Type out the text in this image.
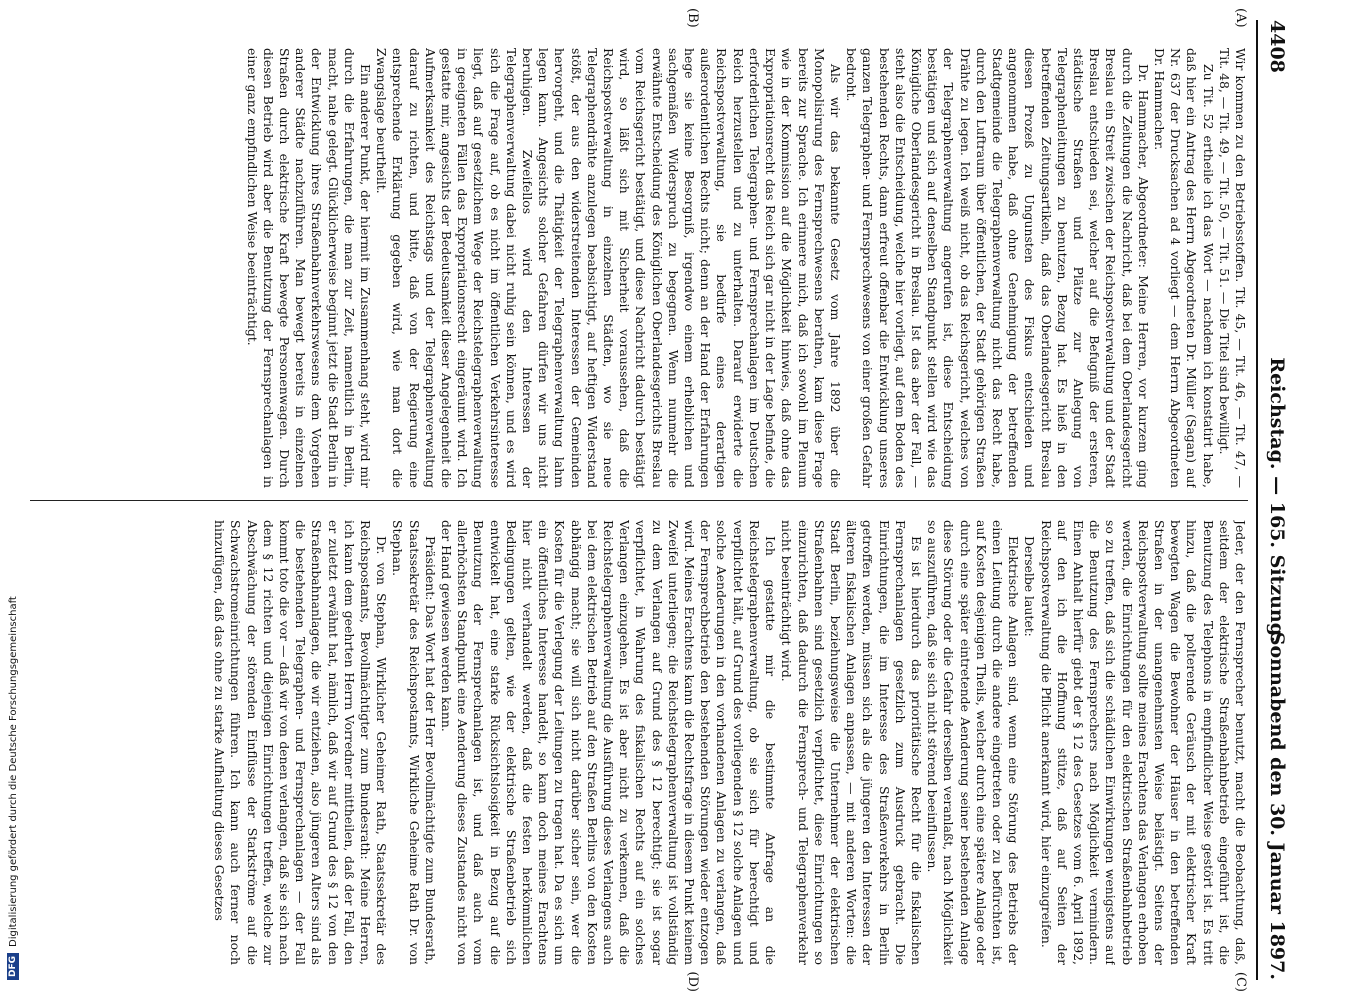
4408
Reichstag. — 165. Sitzung.
Sonnabend den 30. Januar 1897.
(A)
(B)
(C)
(D)

Wir kommen zu den Betriebsstoffen. Tit. 45, — Tit. 46, — Tit. 47, — Tit. 48, — Tit. 49, — Tit. 50, — Tit. 51. — Die Titel sind bewilligt.

Zu Tit. 52 ertheile ich das Wort — nachdem ich konstatirt habe, daß hier ein Antrag des Herrn Abgeordneten Dr. Müller (Sagan) auf Nr. 637 der Drucksachen ad 4 vorliegt — dem Herrn Abgeordneten Dr. Hammacher.

Dr. Hammacher, Abgeordneter: Meine Herren, vor kurzem ging durch die Zeitungen die Nachricht, daß bei dem Oberlandesgericht Breslau ein Streit zwischen der Reichspostverwaltung und der Stadt Breslau entschieden sei, welcher auf die Befugniß der ersteren, städtische Straßen und Plätze zur Anlegung von Telegraphenleitungen zu benutzen, Bezug hat. Es hieß in den betreffenden Zeitungsartikeln, daß das Oberlandesgericht Breslau diesen Prozeß zu Ungunsten des Fiskus entschieden und angenommen habe, daß ohne Genehmigung der betreffenden Stadtgemeinde die Telegraphenverwaltung nicht das Recht habe, durch den Luftraum über öffentlichen, der Stadt gehörigen Straßen Drähte zu legen. Ich weiß nicht, ob das Reichsgericht, welches von der Telegraphenverwaltung angerufen ist, diese Entscheidung bestätigen und sich auf denselben Standpunkt stellen wird wie das Königliche Oberlandesgericht in Breslau. Ist das aber der Fall, — steht also die Entscheidung, welche hier vorliegt, auf dem Boden des bestehenden Rechts, dann erfreut offenbar die Entwicklung unseres ganzen Telegraphen- und Fernsprechwesens von einer großen Gefahr bedroht.

Als wir das bekannte Gesetz vom Jahre 1892 über die Monopolisirung des Fernsprechwesens berathen, kam diese Frage bereits zur Sprache. Ich erinnere mich, daß ich sowohl im Plenum wie in der Kommission auf die Möglichkeit hinwies, daß ohne das Expropriationsrecht das Reich sich gar nicht in der Lage befinde, die erforderlichen Telegraphen- und Fernsprechanlagen im Deutschen Reich herzustellen und zu unterhalten. Darauf erwiderte die Reichspostverwaltung, sie bedürfe eines derartigen außerordentlichen Rechts nicht; denn an der Hand der Erfahrungen hege sie keine Besorgniß, irgendwo einem erheblichen und sachgemäßen Widerspruch zu begegnen. Wenn nunmehr die erwähnte Entscheidung des Königlichen Oberlandesgerichts Breslau vom Reichsgericht bestätigt, und diese Nachricht dadurch bestätigt wird, so läßt sich mit Sicherheit voraussehen, daß die Reichspostverwaltung in einzelnen Städten, wo sie neue Telegraphendrähte anzulegen beabsichtigt, auf heftigen Widerstand stößt, der aus den widerstreitenden Interessen der Gemeinden hervorgeht, und die Thätigkeit der Telegraphenverwaltung lahm legen kann. Angesichts solcher Gefahren dürfen wir uns nicht beruhigen. Zweifellos wird den Interessen der Telegraphenverwaltung dabei nicht ruhig sein können, und es wird sich die Frage auf, ob es nicht im öffentlichen Verkehrsinteresse liegt, daß auf gesetzlichem Wege der Reichstelegraphenverwaltung in geeigneten Fällen das Expropriationsrecht eingeräumt wird. Ich gestatte mir, angesichts der Bedeutsamkeit dieser Angelegenheit die Aufmerksamkeit des Reichstags und der Telegraphenverwaltung darauf zu richten, und bitte, daß von der Regierung eine entsprechende Erklärung gegeben wird, wie man dort die Zwangslage beurtheilt.

Ein anderer Punkt, der hiermit im Zusammenhang steht, wird mir durch die Erfahrungen, die man zur Zeit, namentlich in Berlin, macht, nahe gelegt. Glücklicherweise beginnt jetzt die Stadt Berlin in der Entwicklung ihres Straßenbahnverkehrswesens dem Vorgehen anderer Städte nachzuführen. Man bewegt bereits in einzelnen Straßen durch elektrische Kraft bewegte Personenwagen. Durch diesen Betrieb wird aber die Benutzung der Fernsprechanlagen in einer ganz empfindlichen Weise beeinträchtigt.

Jeder, der den Fernsprecher benutzt, macht die Beobachtung, daß, seitdem der elektrische Straßenbahnbetrieb eingeführt ist, die Benutzung des Telephons in empfindlicher Weise gestört ist. Es tritt hinzu, daß die polterende Geräusch der mit elektrischer Kraft bewegten Wagen die Bewohner der Häuser in den betreffenden Straßen in der unangenehmsten Weise belästigt. Seitens der Reichspostverwaltung sollte meines Erachtens das Verlangen erhoben werden, die Einrichtungen für den elektrischen Straßenbahnbetrieb so zu treffen, daß sich die schädlichen Einwirkungen wenigstens auf die Benutzung des Fernsprechers nach Möglichkeit vermindern. Einen Anhalt hierfür giebt der § 12 des Gesetzes vom 6. April 1892, auf den ich die Hoffnung stütze, daß auf Seiten der Reichspostverwaltung die Pflicht anerkannt wird, hier einzugreifen.

Derselbe lautet:

Elektrische Anlagen sind, wenn eine Störung des Betriebs der einen Leitung durch die andere eingetreten oder zu befürchten ist, auf Kosten desjenigen Theils, welcher durch eine spätere Anlage oder durch eine später eintretende Aenderung seiner bestehenden Anlage diese Störung oder die Gefahr derselben veranlaßt, nach Möglichkeit so auszuführen, daß sie sich nicht störend beeinflussen.

Es ist hierdurch das prioritätische Recht für die fiskalischen Fernsprechanlagen gesetzlich zum Ausdruck gebracht. Die Einrichtungen, die im Interesse des Straßenverkehrs in Berlin getroffen werden, müssen sich als die jüngeren den Interessen der älteren fiskalischen Anlagen anpassen, — mit anderen Worten: die Stadt Berlin, beziehungsweise die Unternehmer der elektrischen Straßenbahnen sind gesetzlich verpflichtet, diese Einrichtungen so einzurichten, daß dadurch die Fernsprech- und Telegraphenverkehr nicht beeinträchtigt wird.

Ich gestatte mir die bestimmte Anfrage an die Reichstelegraphenverwaltung, ob sie sich für berechtigt und verpflichtet hält, auf Grund des vorliegenden § 12 solche Anlagen und solche Aenderungen in den vorhandenen Anlagen zu verlangen, daß der Fernsprechbetrieb den bestehenden Störungen wieder entzogen wird. Meines Erachtens kann die Rechtsfrage in diesem Punkt keinem Zweifel unterliegen; die Reichstelegraphenverwaltung ist vollständig zu dem Verlangen auf Grund des § 12 berechtigt; sie ist sogar verpflichtet, in Wahrung des fiskalischen Rechts auf ein solches Verlangen einzugehen. Es ist aber nicht zu verkennen, daß die Reichstelegraphenverwaltung die Ausführung dieses Verlangens auch bei dem elektrischen Betrieb auf den Straßen Berlins von den Kosten abhängig macht; sie will sich nicht darüber sicher sein, wer die Kosten für die Verlegung der Leitungen zu tragen hat. Da es sich um ein öffentliches Interesse handelt, so kann doch meines Erachtens hier nicht verhandelt werden, daß die festen herkömmlichen Bedingungen gelten, wie der elektrische Straßenbetrieb sich entwickelt hat, eine starke Rücksichtslosigkeit in Bezug auf die Benutzung der Fernsprechanlagen ist, und daß auch vom allerhöchsten Standpunkt eine Aenderung dieses Zustandes nicht von der Hand gewiesen werden kann.

Präsident: Das Wort hat der Herr Bevollmächtigte zum Bundesrath, Staatssekretär des Reichspostamts, Wirkliche Geheime Rath Dr. von Stephan.

Dr. von Stephan, Wirklicher Geheimer Rath, Staatssekretär des Reichspostamts, Bevollmächtigter zum Bundesrath: Meine Herren, ich kann dem geehrten Herrn Vorredner mittheilen, daß der Fall, den er zuletzt erwähnt hat, nämlich, daß wir auf Grund des § 12 von den Straßenbahnanlagen, die wir entziehen, also jüngeren Alters sind als die bestehenden Telegraphen- und Fernsprechanlagen — der Fall kommt toto die vor — daß wir von denen verlangen, daß sie sich nach dem § 12 richten und diejenigen Einrichtungen treffen, welche zur Abschwächung der störenden Einflüsse der Starkströme auf die Schwachstromeinrichtungen führen. Ich kann auch ferner noch hinzufügen, daß das ohne zu starke Aufhaltung dieses Gesetzes

DFG
Digitalisierung gefördert durch die Deutsche Forschungsgemeinschaft
